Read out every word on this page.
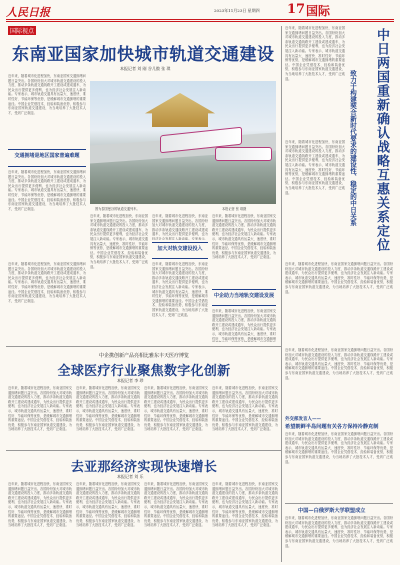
人民日报	2023年11月23日 星期四 17 国际
国际视点
东南亚国家加快城市轨道交通建设
本报记者 刘 刚 谷儿傲 张 琪
近年来，随着城市化进程加快，东南亚国家交通拥堵问题日益突出。各国纷纷加大对城市轨道交通建设的投入力度，推动多条轨道交通线路开工建设或建成通车，为民众出行提供更多便利，也为经济社会发展注入新动能。专家表示，城市轨道交通具有运量大、速度快、准时性好、节能环保等优势，是缓解城市交通拥堵的重要途径。中国企业凭借技术、经验和装备优势，积极参与东南亚国家轨道交通建设，为当地培养了大批技术人才，受到广泛欢迎。
交通拥堵是地区国家普遍难题
近年来，随着城市化进程加快，东南亚国家交通拥堵问题日益突出。各国纷纷加大对城市轨道交通建设的投入力度，推动多条轨道交通线路开工建设或建成通车，为民众出行提供更多便利，也为经济社会发展注入新动能。专家表示，城市轨道交通具有运量大、速度快、准时性好、节能环保等优势，是缓解城市交通拥堵的重要途径。中国企业凭借技术、经验和装备优势，积极参与东南亚国家轨道交通建设，为当地培养了大批技术人才，受到广泛欢迎。
近年来，随着城市化进程加快，东南亚国家交通拥堵问题日益突出。各国纷纷加大对城市轨道交通建设的投入力度，推动多条轨道交通线路开工建设或建成通车，为民众出行提供更多便利，也为经济社会发展注入新动能。专家表示，城市轨道交通具有运量大、速度快、准时性好、节能环保等优势，是缓解城市交通拥堵的重要途径。中国企业凭借技术、经验和装备优势，积极参与东南亚国家轨道交通建设，为当地培养了大批技术人才，受到广泛欢迎。
图为泰国曼谷的轨道交通列车。	本报记者 张 琪摄
近年来，随着城市化进程加快，东南亚国家交通拥堵问题日益突出。各国纷纷加大对城市轨道交通建设的投入力度，推动多条轨道交通线路开工建设或建成通车，为民众出行提供更多便利，也为经济社会发展注入新动能。专家表示，城市轨道交通具有运量大、速度快、准时性好、节能环保等优势，是缓解城市交通拥堵的重要途径。中国企业凭借技术、经验和装备优势，积极参与东南亚国家轨道交通建设，为当地培养了大批技术人才，受到广泛欢迎。
加大对轨交建设投入
近年来，随着城市化进程加快，东南亚国家交通拥堵问题日益突出。各国纷纷加大对城市轨道交通建设的投入力度，推动多条轨道交通线路开工建设或建成通车，为民众出行提供更多便利，也为经济社会发展注入新动能。专家表示，
近年来，随着城市化进程加快，东南亚国家交通拥堵问题日益突出。各国纷纷加大对城市轨道交通建设的投入力度，推动多条轨道交通线路开工建设或建成通车，为民众出行提供更多便利，也为经济社会发展注入新动能。专家表示，城市轨道交通具有运量大、速度快、准时性好、节能环保等优势，是缓解城市交通拥堵的重要途径。中国企业凭借技术、经验和装备优势，积极参与东南亚国家轨道交通建设，为当地培养了大批技术人才，受到广泛欢迎。
近年来，随着城市化进程加快，东南亚国家交通拥堵问题日益突出。各国纷纷加大对城市轨道交通建设的投入力度，推动多条轨道交通线路开工建设或建成通车，为民众出行提供更多便利，也为经济社会发展注入新动能。专家表示，城市轨道交通具有运量大、速度快、准时性好、节能环保等优势，是缓解城市交通拥堵的重要途径。中国企业凭借技术、经验和装备优势，积极参与东南亚国家轨道交通建设，为当地培养了大批技术人才，受到广泛欢迎。
中企助力当地轨交建设发展
近年来，随着城市化进程加快，东南亚国家交通拥堵问题日益突出。各国纷纷加大对城市轨道交通建设的投入力度，推动多条轨道交通线路开工建设或建成通车，为民众出行提供更多便利，也为经济社会发展注入新动能。专家表示，城市轨道交通具有运量大、速度快、准时性好、节能环保等优势，是缓解城市交通拥堵
近年来，随着城市化进程加快，东南亚国家交通拥堵问题日益突出。各国纷纷加大对城市轨道交通建设的投入力度，推动多条轨道交通线路开工建设或建成通车，为民众出行提供更多便利，也为经济社会发展注入新动能。专家表示，城市轨道交通具有运量大、速度快、准时性好、节能环保等优势，是缓解城市交通拥堵的重要途径。中国企业凭借技术、经验和装备优势，积极参与东南亚国家轨道交通建设，为当地培养了大批技术人才，受到广泛欢迎。	中日两国重新确认战略互惠关系定位
致力于构建契合新时代要求的建设性、稳定的中日关系
近年来，随着城市化进程加快，东南亚国家交通拥堵问题日益突出。各国纷纷加大对城市轨道交通建设的投入力度，推动多条轨道交通线路开工建设或建成通车，为民众出行提供更多便利，也为经济社会发展注入新动能。专家表示，城市轨道交通具有运量大、速度快、准时性好、节能环保等优势，是缓解城市交通拥堵的重要途径。中国企业凭借技术、经验和装备优势，积极参与东南亚国家轨道交通建设，为当地培养了大批技术人才，受到广泛欢迎。
近年来，随着城市化进程加快，东南亚国家交通拥堵问题日益突出。各国纷纷加大对城市轨道交通建设的投入力度，推动多条轨道交通线路开工建设或建成通车，为民众出行提供更多便利，也为经济社会发展注入新动能。专家表示，城市轨道交通具有运量大、速度快、准时性好、节能环保等优势，是缓解城市交通拥堵的重要途径。中国企业凭借技术、经验和装备优势，积极参与东南亚国家轨道交通建设，为当地培养了大批技术人才，受到广泛欢迎。
中企携创新产品亮相比雅东丰天医疗博览
全球医疗行业聚焦数字化创新
本报记者 李 珍
近年来，随着城市化进程加快，东南亚国家交通拥堵问题日益突出。各国纷纷加大对城市轨道交通建设的投入力度，推动多条轨道交通线路开工建设或建成通车，为民众出行提供更多便利，也为经济社会发展注入新动能。专家表示，城市轨道交通具有运量大、速度快、准时性好、节能环保等优势，是缓解城市交通拥堵的重要途径。中国企业凭借技术、经验和装备优势，积极参与东南亚国家轨道交通建设，为当地培养了大批技术人才，受到广泛欢迎。
近年来，随着城市化进程加快，东南亚国家交通拥堵问题日益突出。各国纷纷加大对城市轨道交通建设的投入力度，推动多条轨道交通线路开工建设或建成通车，为民众出行提供更多便利，也为经济社会发展注入新动能。专家表示，城市轨道交通具有运量大、速度快、准时性好、节能环保等优势，是缓解城市交通拥堵的重要途径。中国企业凭借技术、经验和装备优势，积极参与东南亚国家轨道交通建设，为当地培养了大批技术人才，受到广泛欢迎。
近年来，随着城市化进程加快，东南亚国家交通拥堵问题日益突出。各国纷纷加大对城市轨道交通建设的投入力度，推动多条轨道交通线路开工建设或建成通车，为民众出行提供更多便利，也为经济社会发展注入新动能。专家表示，城市轨道交通具有运量大、速度快、准时性好、节能环保等优势，是缓解城市交通拥堵的重要途径。中国企业凭借技术、经验和装备优势，积极参与东南亚国家轨道交通建设，为当地培养了大批技术人才，受到广泛欢迎。
近年来，随着城市化进程加快，东南亚国家交通拥堵问题日益突出。各国纷纷加大对城市轨道交通建设的投入力度，推动多条轨道交通线路开工建设或建成通车，为民众出行提供更多便利，也为经济社会发展注入新动能。专家表示，城市轨道交通具有运量大、速度快、准时性好、节能环保等优势，是缓解城市交通拥堵的重要途径。中国企业凭借技术、经验和装备优势，积极参与东南亚国家轨道交通建设，为当地培养了大批技术人才，受到广泛欢迎。
去亚那经济实现快速增长
本报记者 刘 乐
近年来，随着城市化进程加快，东南亚国家交通拥堵问题日益突出。各国纷纷加大对城市轨道交通建设的投入力度，推动多条轨道交通线路开工建设或建成通车，为民众出行提供更多便利，也为经济社会发展注入新动能。专家表示，城市轨道交通具有运量大、速度快、准时性好、节能环保等优势，是缓解城市交通拥堵的重要途径。中国企业凭借技术、经验和装备优势，积极参与东南亚国家轨道交通建设，为当地培养了大批技术人才，受到广泛欢迎。
近年来，随着城市化进程加快，东南亚国家交通拥堵问题日益突出。各国纷纷加大对城市轨道交通建设的投入力度，推动多条轨道交通线路开工建设或建成通车，为民众出行提供更多便利，也为经济社会发展注入新动能。专家表示，城市轨道交通具有运量大、速度快、准时性好、节能环保等优势，是缓解城市交通拥堵的重要途径。中国企业凭借技术、经验和装备优势，积极参与东南亚国家轨道交通建设，为当地培养了大批技术人才，受到广泛欢迎。
近年来，随着城市化进程加快，东南亚国家交通拥堵问题日益突出。各国纷纷加大对城市轨道交通建设的投入力度，推动多条轨道交通线路开工建设或建成通车，为民众出行提供更多便利，也为经济社会发展注入新动能。专家表示，城市轨道交通具有运量大、速度快、准时性好、节能环保等优势，是缓解城市交通拥堵的重要途径。中国企业凭借技术、经验和装备优势，积极参与东南亚国家轨道交通建设，为当地培养了大批技术人才，受到广泛欢迎。
近年来，随着城市化进程加快，东南亚国家交通拥堵问题日益突出。各国纷纷加大对城市轨道交通建设的投入力度，推动多条轨道交通线路开工建设或建成通车，为民众出行提供更多便利，也为经济社会发展注入新动能。专家表示，城市轨道交通具有运量大、速度快、准时性好、节能环保等优势，是缓解城市交通拥堵的重要途径。中国企业凭借技术、经验和装备优势，积极参与东南亚国家轨道交通建设，为当地培养了大批技术人才，受到广泛欢迎。
近年来，随着城市化进程加快，东南亚国家交通拥堵问题日益突出。各国纷纷加大对城市轨道交通建设的投入力度，推动多条轨道交通线路开工建设或建成通车，为民众出行提供更多便利，也为经济社会发展注入新动能。专家表示，城市轨道交通具有运量大、速度快、准时性好、节能环保等优势，是缓解城市交通拥堵的重要途径。中国企业凭借技术、经验和装备优势，积极参与东南亚国家轨道交通建设，为当地培养了大批技术人才，受到广泛欢迎。
外交部发言人——
希望朝鲜半岛问题有关各方保持冷静克制
近年来，随着城市化进程加快，东南亚国家交通拥堵问题日益突出。各国纷纷加大对城市轨道交通建设的投入力度，推动多条轨道交通线路开工建设或建成通车，为民众出行提供更多便利，也为经济社会发展注入新动能。专家表示，城市轨道交通具有运量大、速度快、准时性好、节能环保等优势，是缓解城市交通拥堵的重要途径。中国企业凭借技术、经验和装备优势，积极参与东南亚国家轨道交通建设，为当地培养了大批技术人才，受到广泛欢迎。
中国—白俄罗斯大学联盟成立
近年来，随着城市化进程加快，东南亚国家交通拥堵问题日益突出。各国纷纷加大对城市轨道交通建设的投入力度，推动多条轨道交通线路开工建设或建成通车，为民众出行提供更多便利，也为经济社会发展注入新动能。专家表示，城市轨道交通具有运量大、速度快、准时性好、节能环保等优势，是缓解城市交通拥堵的重要途径。中国企业凭借技术、经验和装备优势，积极参与东南亚国家轨道交通建设，为当地培养了大批技术人才，受到广泛欢迎。
